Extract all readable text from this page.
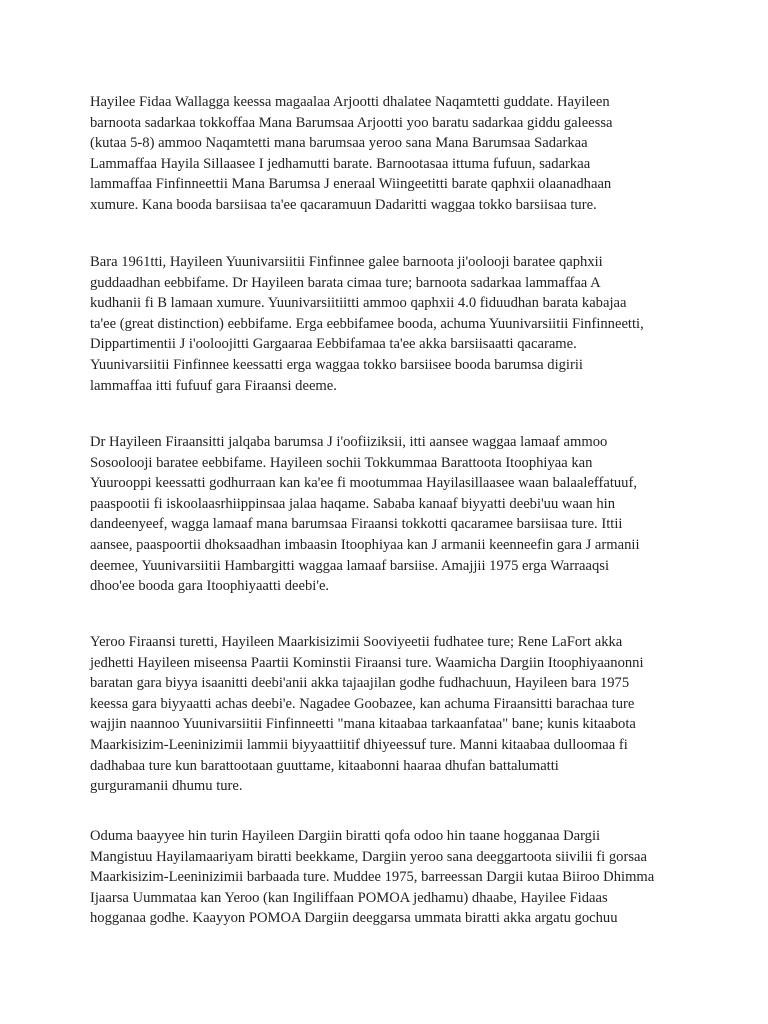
Hayilee Fidaa Wallagga keessa magaalaa Arjootti dhalatee Naqamtetti guddate. Hayileen
barnoota sadarkaa tokkoffaa Mana Barumsaa Arjootti yoo baratu sadarkaa giddu galeessa
(kutaa 5-8) ammoo Naqamtetti mana barumsaa yeroo sana Mana Barumsaa Sadarkaa
Lammaffaa Hayila Sillaasee I jedhamutti barate. Barnootasaa ittuma fufuun, sadarkaa
lammaffaa Finfinneettii Mana Barumsa J eneraal Wiingeetitti barate qaphxii olaanadhaan
xumure. Kana booda barsiisaa ta'ee qacaramuun Dadaritti waggaa tokko barsiisaa ture.

Bara 1961tti, Hayileen Yuunivarsiitii Finfinnee galee barnoota ji'oolooji baratee qaphxii
guddaadhan eebbifame. Dr Hayileen barata cimaa ture; barnoota sadarkaa lammaffaa A
kudhanii fi B lamaan xumure. Yuunivarsiitiitti ammoo qaphxii 4.0 fiduudhan barata kabajaa
ta'ee (great distinction) eebbifame. Erga eebbifamee booda, achuma Yuunivarsiitii Finfinneetti,
Dippartimentii J i'ooloojitti Gargaaraa Eebbifamaa ta'ee akka barsiisaatti qacarame.
Yuunivarsiitii Finfinnee keessatti erga waggaa tokko barsiisee booda barumsa digirii
lammaffaa itti fufuuf gara Firaansi deeme.

Dr Hayileen Firaansitti jalqaba barumsa J i'oofiiziksii, itti aansee waggaa lamaaf ammoo
Sosoolooji baratee eebbifame. Hayileen sochii Tokkummaa Barattoota Itoophiyaa kan
Yuurooppi keessatti godhurraan kan ka'ee fi mootummaa Hayilasillaasee waan balaaleffatuuf,
paaspootii fi iskoolaasrhiippinsaa jalaa haqame. Sababa kanaaf biyyatti deebi'uu waan hin
dandeenyeef, wagga lamaaf mana barumsaa Firaansi tokkotti qacaramee barsiisaa ture. Ittii
aansee, paaspoortii dhoksaadhan imbaasin Itoophiyaa kan J armanii keenneefin gara J armanii
deemee, Yuunivarsiitii Hambargitti waggaa lamaaf barsiise. Amajjii 1975 erga Warraaqsi
dhoo'ee booda gara Itoophiyaatti deebi'e.

Yeroo Firaansi turetti, Hayileen Maarkisizimii Sooviyeetii fudhatee ture; Rene LaFort akka
jedhetti Hayileen miseensa Paartii Kominstii Firaansi ture. Waamicha Dargiin Itoophiyaanonni
baratan gara biyya isaanitti deebi'anii akka tajaajilan godhe fudhachuun, Hayileen bara 1975
keessa gara biyyaatti achas deebi'e. Nagadee Goobazee, kan achuma Firaansitti barachaa ture
wajjin naannoo Yuunivarsiitii Finfinneetti "mana kitaabaa tarkaanfataa" bane; kunis kitaabota
Maarkisizim-Leeninizimii lammii biyyaattiitif dhiyeessuf ture. Manni kitaabaa dulloomaa fi
dadhabaa ture kun barattootaan guuttame, kitaabonni haaraa dhufan battalumatti
gurguramanii dhumu ture.

Oduma baayyee hin turin Hayileen Dargiin biratti qofa odoo hin taane hogganaa Dargii
Mangistuu Hayilamaariyam biratti beekkame, Dargiin yeroo sana deeggartoota siivilii fi gorsaa
Maarkisizim-Leeninizimii barbaada ture. Muddee 1975, barreessan Dargii kutaa Biiroo Dhimma
Ijaarsa Uummataa kan Yeroo (kan Ingiliffaan POMOA jedhamu) dhaabe, Hayilee Fidaas
hogganaa godhe. Kaayyon POMOA Dargiin deeggarsa ummata biratti akka argatu gochuu
